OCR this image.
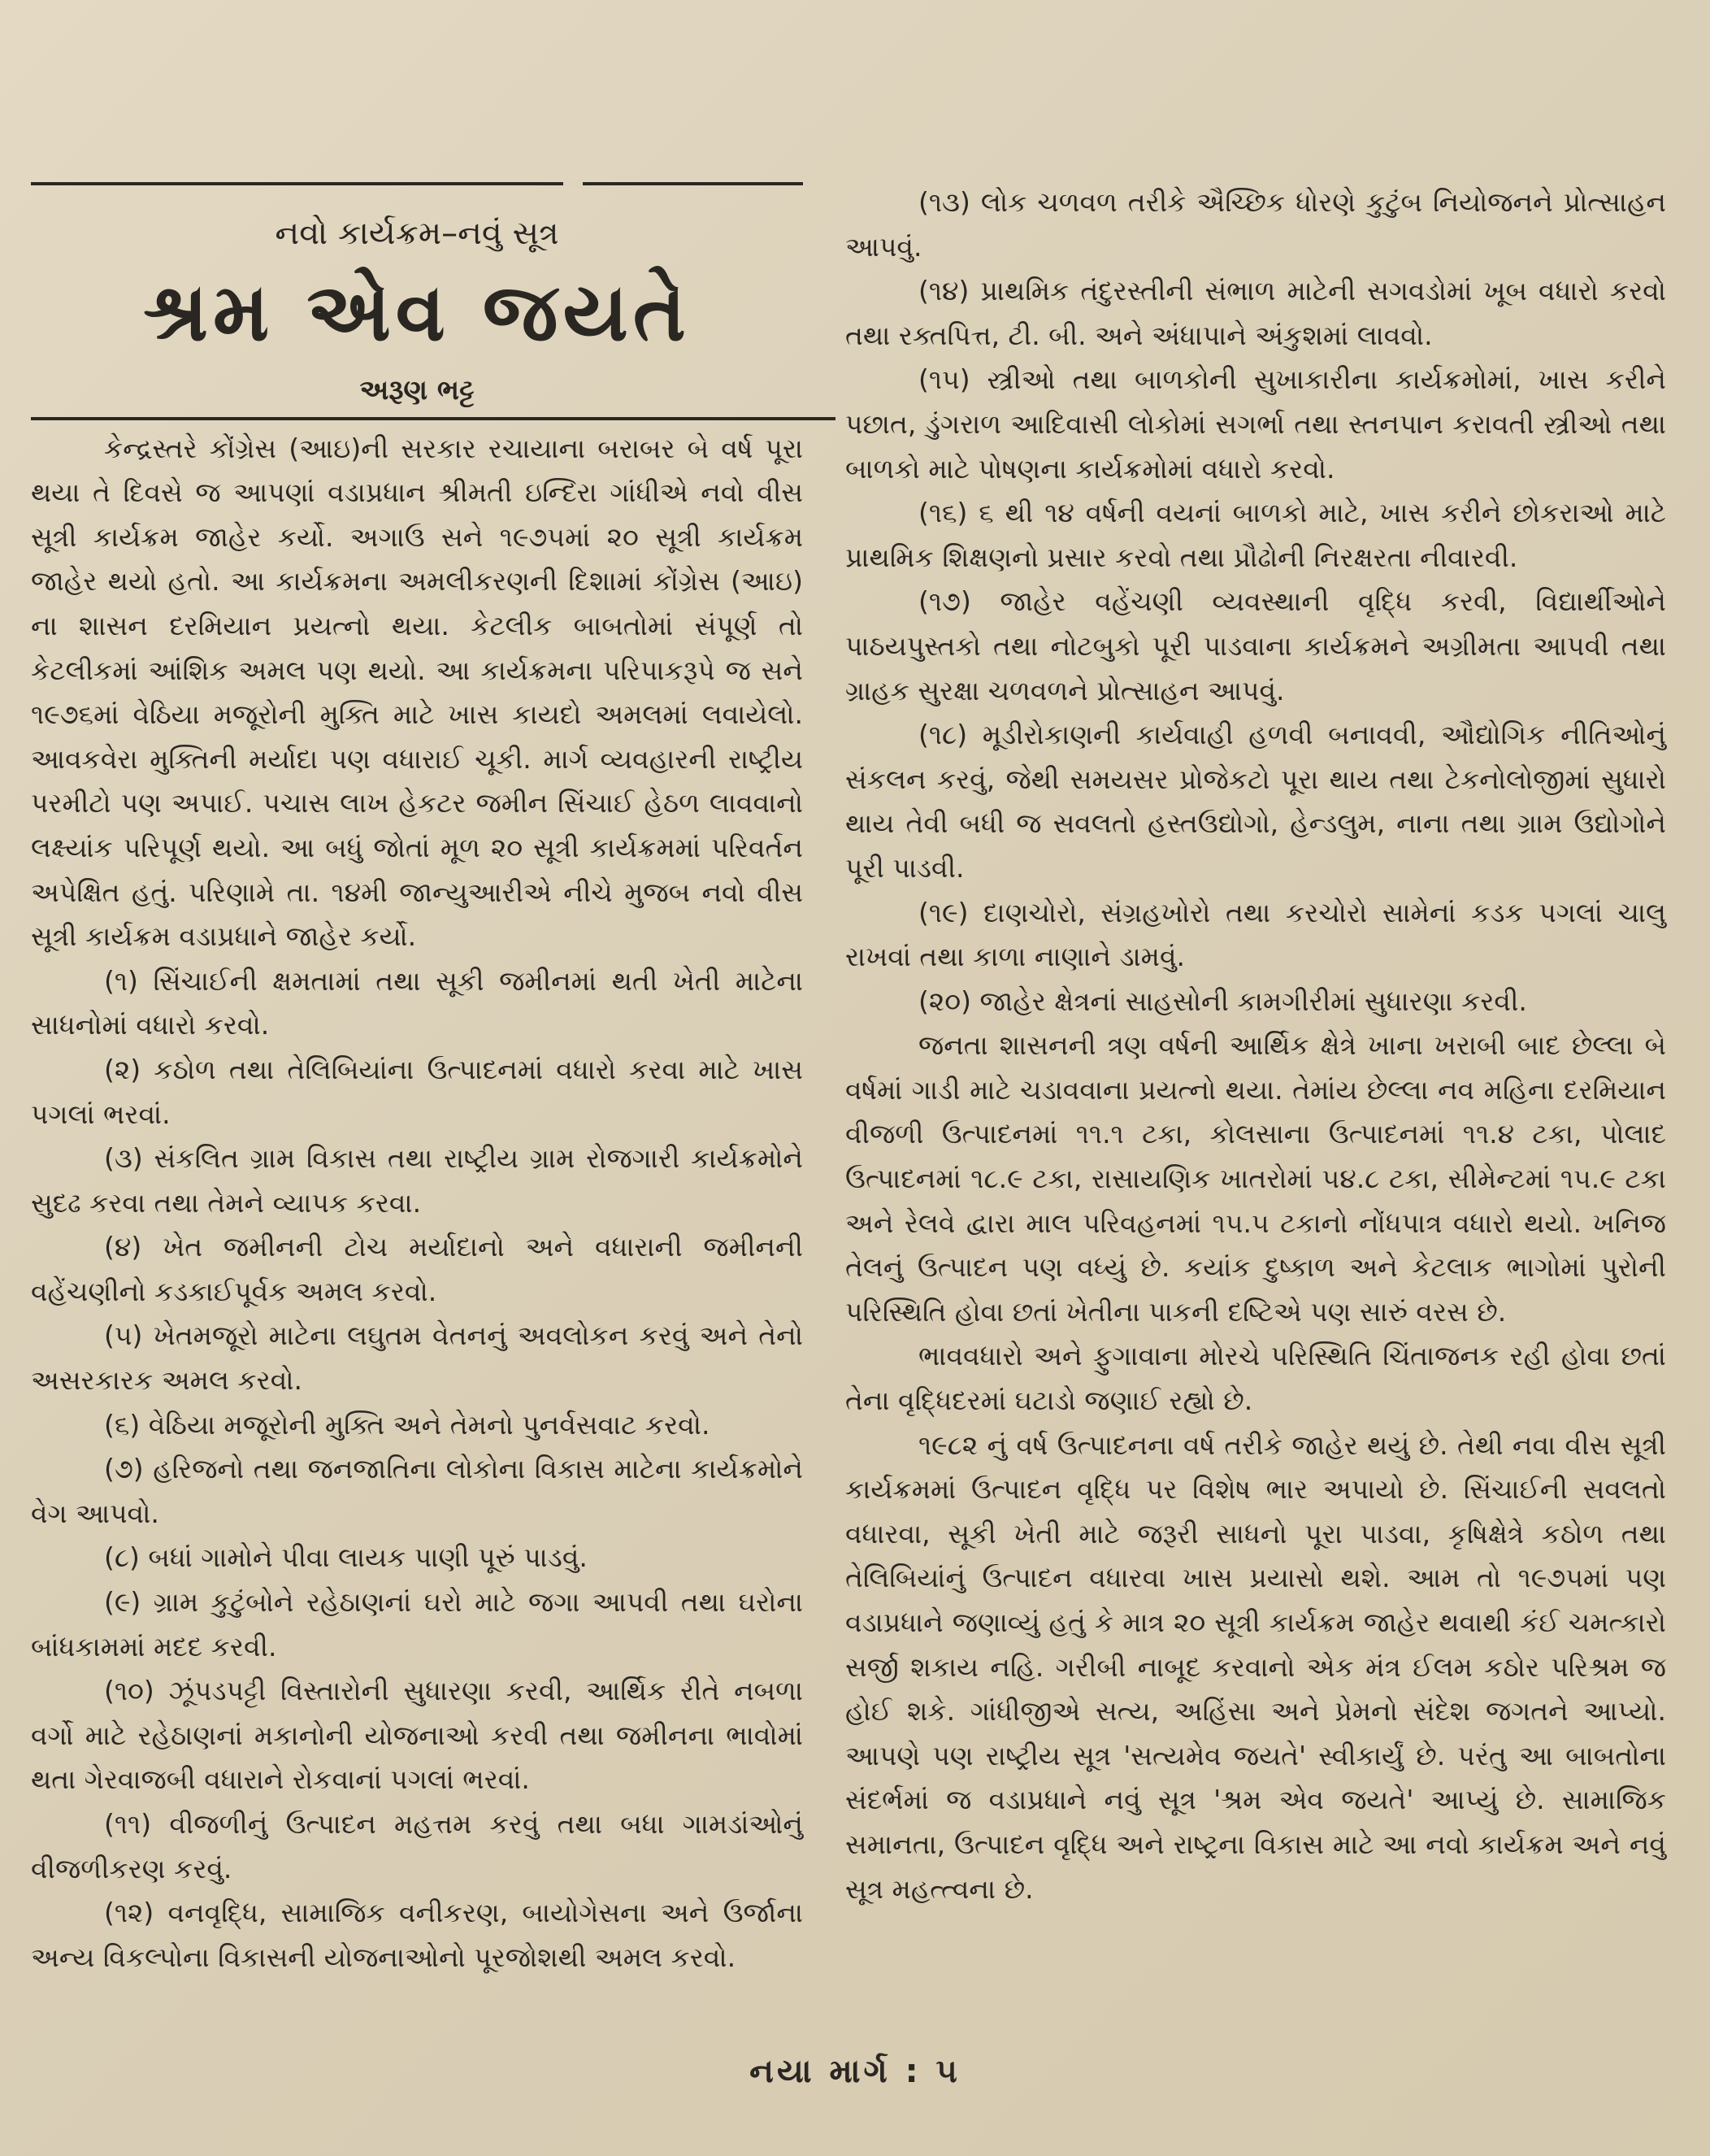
નવો કાર્યક્રમ–નવું સૂત્ર

શ્રમ એવ જયતે

અરૂણ ભટ્ટ

કેન્દ્રસ્તરે કોંગ્રેસ (આઇ)ની સરકાર રચાયાના બરાબર બે વર્ષ પૂરા થયા તે દિવસે જ આપણાં વડાપ્રધાન શ્રીમતી ઇન્દિરા ગાંધીએ નવો વીસ સૂત્રી કાર્યક્રમ જાહેર કર્યો. અગાઉ સને ૧૯૭૫માં ૨૦ સૂત્રી કાર્યક્રમ જાહેર થયો હતો. આ કાર્યક્રમના અમલીકરણની દિશામાં કોંગ્રેસ (આઇ) ના શાસન દરમિયાન પ્રયત્નો થયા. કેટલીક બાબતોમાં સંપૂર્ણ તો કેટલીકમાં આંશિક અમલ પણ થયો. આ કાર્યક્રમના પરિપાકરૂપે જ સને ૧૯૭૬માં વેઠિયા મજૂરોની મુક્તિ માટે ખાસ કાયદો અમલમાં લવાયેલો. આવકવેરા મુક્તિની મર્યાદા પણ વધારાઈ ચૂકી. માર્ગ વ્યવહારની રાષ્ટ્રીય પરમીટો પણ અપાઈ. પચાસ લાખ હેકટર જમીન સિંચાઈ હેઠળ લાવવાનો લક્ષ્યાંક પરિપૂર્ણ થયો. આ બધું જોતાં મૂળ ૨૦ સૂત્રી કાર્યક્રમમાં પરિવર્તન અપેક્ષિત હતું. પરિણામે તા. ૧૪મી જાન્યુઆરીએ નીચે મુજબ નવો વીસ સૂત્રી કાર્યક્રમ વડાપ્રધાને જાહેર કર્યો.

(૧) સિંચાઈની ક્ષમતામાં તથા સૂકી જમીનમાં થતી ખેતી માટેના સાધનોમાં વધારો કરવો.

(૨) કઠોળ તથા તેલિબિયાંના ઉત્પાદનમાં વધારો કરવા માટે ખાસ પગલાં ભરવાં.

(૩) સંકલિત ગ્રામ વિકાસ તથા રાષ્ટ્રીય ગ્રામ રોજગારી કાર્યક્રમોને સુદઢ કરવા તથા તેમને વ્યાપક કરવા.

(૪) ખેત જમીનની ટોચ મર્યાદાનો અને વધારાની જમીનની વહેંચણીનો કડકાઈપૂર્વક અમલ કરવો.

(૫) ખેતમજૂરો માટેના લઘુતમ વેતનનું અવલોકન કરવું અને તેનો અસરકારક અમલ કરવો.

(૬) વેઠિયા મજૂરોની મુક્તિ અને તેમનો પુનર્વસવાટ કરવો.

(૭) હરિજનો તથા જનજાતિના લોકોના વિકાસ માટેના કાર્યક્રમોને વેગ આપવો.

(૮) બધાં ગામોને પીવા લાયક પાણી પૂરું પાડવું.

(૯) ગ્રામ કુટુંબોને રહેઠાણનાં ઘરો માટે જગા આપવી તથા ઘરોના બાંધકામમાં મદદ કરવી.

(૧૦) ઝૂંપડપટ્ટી વિસ્તારોની સુધારણા કરવી, આર્થિક રીતે નબળા વર્ગો માટે રહેઠાણનાં મકાનોની યોજનાઓ કરવી તથા જમીનના ભાવોમાં થતા ગેરવાજબી વધારાને રોકવાનાં પગલાં ભરવાં.

(૧૧) વીજળીનું ઉત્પાદન મહત્તમ કરવું તથા બધા ગામડાંઓનું વીજળીકરણ કરવું.

(૧૨) વનવૃદ્ધિ, સામાજિક વનીકરણ, બાયોગેસના અને ઉર્જાના અન્ય વિકલ્પોના વિકાસની યોજનાઓનો પૂરજોશથી અમલ કરવો.

(૧૩) લોક ચળવળ તરીકે ઐચ્છિક ધોરણે કુટુંબ નિયોજનને પ્રોત્સાહન આપવું.

(૧૪) પ્રાથમિક તંદુરસ્તીની સંભાળ માટેની સગવડોમાં ખૂબ વધારો કરવો તથા રક્તપિત્ત, ટી. બી. અને અંધાપાને અંકુશમાં લાવવો.

(૧૫) સ્ત્રીઓ તથા બાળકોની સુખાકારીના કાર્યક્રમોમાં, ખાસ કરીને પછાત, ડુંગરાળ આદિવાસી લોકોમાં સગર્ભા તથા સ્તનપાન કરાવતી સ્ત્રીઓ તથા બાળકો માટે પોષણના કાર્યક્રમોમાં વધારો કરવો.

(૧૬) ૬ થી ૧૪ વર્ષની વયનાં બાળકો માટે, ખાસ કરીને છોકરાઓ માટે પ્રાથમિક શિક્ષણનો પ્રસાર કરવો તથા પ્રૌઢોની નિરક્ષરતા નીવારવી.

(૧૭) જાહેર વહેંચણી વ્યવસ્થાની વૃદ્ધિ કરવી, વિદ્યાર્થીઓને પાઠયપુસ્તકો તથા નોટબુકો પૂરી પાડવાના કાર્યક્રમને અગ્રીમતા આપવી તથા ગ્રાહક સુરક્ષા ચળવળને પ્રોત્સાહન આપવું.

(૧૮) મૂડીરોકાણની કાર્યવાહી હળવી બનાવવી, ઔદ્યોગિક નીતિઓનું સંકલન કરવું, જેથી સમયસર પ્રોજેકટો પૂરા થાય તથા ટેકનોલોજીમાં સુધારો થાય તેવી બધી જ સવલતો હસ્તઉદ્યોગો, હેન્ડલુમ, નાના તથા ગ્રામ ઉદ્યોગોને પૂરી પાડવી.

(૧૯) દાણચોરો, સંગ્રહખોરો તથા કરચોરો સામેનાં કડક પગલાં ચાલુ રાખવાં તથા કાળા નાણાને ડામવું.

(૨૦) જાહેર ક્ષેત્રનાં સાહસોની કામગીરીમાં સુધારણા કરવી.

જનતા શાસનની ત્રણ વર્ષની આર્થિક ક્ષેત્રે ખાના ખરાબી બાદ છેલ્લા બે વર્ષમાં ગાડી માટે ચડાવવાના પ્રયત્નો થયા. તેમાંય છેલ્લા નવ મહિના દરમિયાન વીજળી ઉત્પાદનમાં ૧૧.૧ ટકા, કોલસાના ઉત્પાદનમાં ૧૧.૪ ટકા, પોલાદ ઉત્પાદનમાં ૧૮.૯ ટકા, રાસાયણિક ખાતરોમાં ૫૪.૮ ટકા, સીમેન્ટમાં ૧૫.૯ ટકા અને રેલવે દ્વારા માલ પરિવહનમાં ૧૫.૫ ટકાનો નોંધપાત્ર વધારો થયો. ખનિજ તેલનું ઉત્પાદન પણ વધ્યું છે. કયાંક દુષ્કાળ અને કેટલાક ભાગોમાં પુરોની પરિસ્થિતિ હોવા છતાં ખેતીના પાકની દષ્ટિએ પણ સારું વરસ છે.

ભાવવધારો અને ફુગાવાના મોરચે પરિસ્થિતિ ચિંતાજનક રહી હોવા છતાં તેના વૃદ્ધિદરમાં ઘટાડો જણાઈ રહ્યો છે.

૧૯૮૨ નું વર્ષ ઉત્પાદનના વર્ષ તરીકે જાહેર થયું છે. તેથી નવા વીસ સૂત્રી કાર્યક્રમમાં ઉત્પાદન વૃદ્ધિ પર વિશેષ ભાર અપાયો છે. સિંચાઈની સવલતો વધારવા, સૂકી ખેતી માટે જરૂરી સાધનો પૂરા પાડવા, કૃષિક્ષેત્રે કઠોળ તથા તેલિબિયાંનું ઉત્પાદન વધારવા ખાસ પ્રયાસો થશે. આમ તો ૧૯૭૫માં પણ વડાપ્રધાને જણાવ્યું હતું કે માત્ર ૨૦ સૂત્રી કાર્યક્રમ જાહેર થવાથી કંઈ ચમત્કારો સર્જી શકાય નહિ. ગરીબી નાબૂદ કરવાનો એક મંત્ર ઈલમ કઠોર પરિશ્રમ જ હોઈ શકે. ગાંધીજીએ સત્ય, અહિંસા અને પ્રેમનો સંદેશ જગતને આપ્યો. આપણે પણ રાષ્ટ્રીય સૂત્ર 'સત્યમેવ જયતે' સ્વીકાર્યું છે. પરંતુ આ બાબતોના સંદર્ભમાં જ વડાપ્રધાને નવું સૂત્ર 'શ્રમ એવ જયતે' આપ્યું છે. સામાજિક સમાનતા, ઉત્પાદન વૃદ્ધિ અને રાષ્ટ્રના વિકાસ માટે આ નવો કાર્યક્રમ અને નવું સૂત્ર મહત્ત્વના છે.

નયા માર્ગ : ૫
